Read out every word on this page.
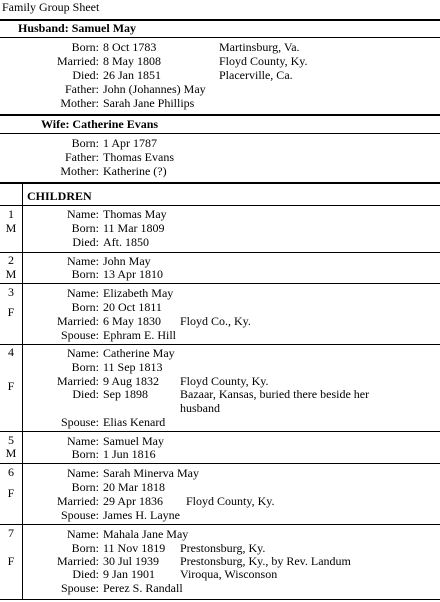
Family Group Sheet
Husband: Samuel May
Born: 8 Oct 1783	Martinsburg, Va.
Married: 8 May 1808	Floyd County, Ky.
Died: 26 Jan 1851	Placerville, Ca.
Father: John (Johannes) May
Mother: Sarah Jane Phillips
Wife: Catherine Evans
Born: 1 Apr 1787
Father: Thomas Evans
Mother: Katherine (?)
CHILDREN
1
M
Name: Thomas May
Born: 11 Mar 1809
Died: Aft. 1850
2
M
Name: John May
Born: 13 Apr 1810
3
F
Name: Elizabeth May
Born: 20 Oct 1811
Married: 6 May 1830 Floyd Co., Ky.
Spouse: Ephram E. Hill
4
F
Name: Catherine May
Born: 11 Sep 1813
Married: 9 Aug 1832 Floyd County, Ky.
Died: Sep 1898	Bazaar, Kansas, buried there beside her
husband
Spouse: Elias Kenard
5
M
Name: Samuel May
Born: 1 Jun 1816
6
F
Name: Sarah Minerva May
Born: 20 Mar 1818
Married: 29 Apr 1836 Floyd County, Ky.
Spouse: James H. Layne
7
F
Name: Mahala Jane May
Born: 11 Nov 1819 Prestonsburg, Ky.
Married: 30 Jul 1939 Prestonsburg, Ky., by Rev. Landum
Died: 9 Jan 1901 Viroqua, Wisconson
Spouse: Perez S. Randall
